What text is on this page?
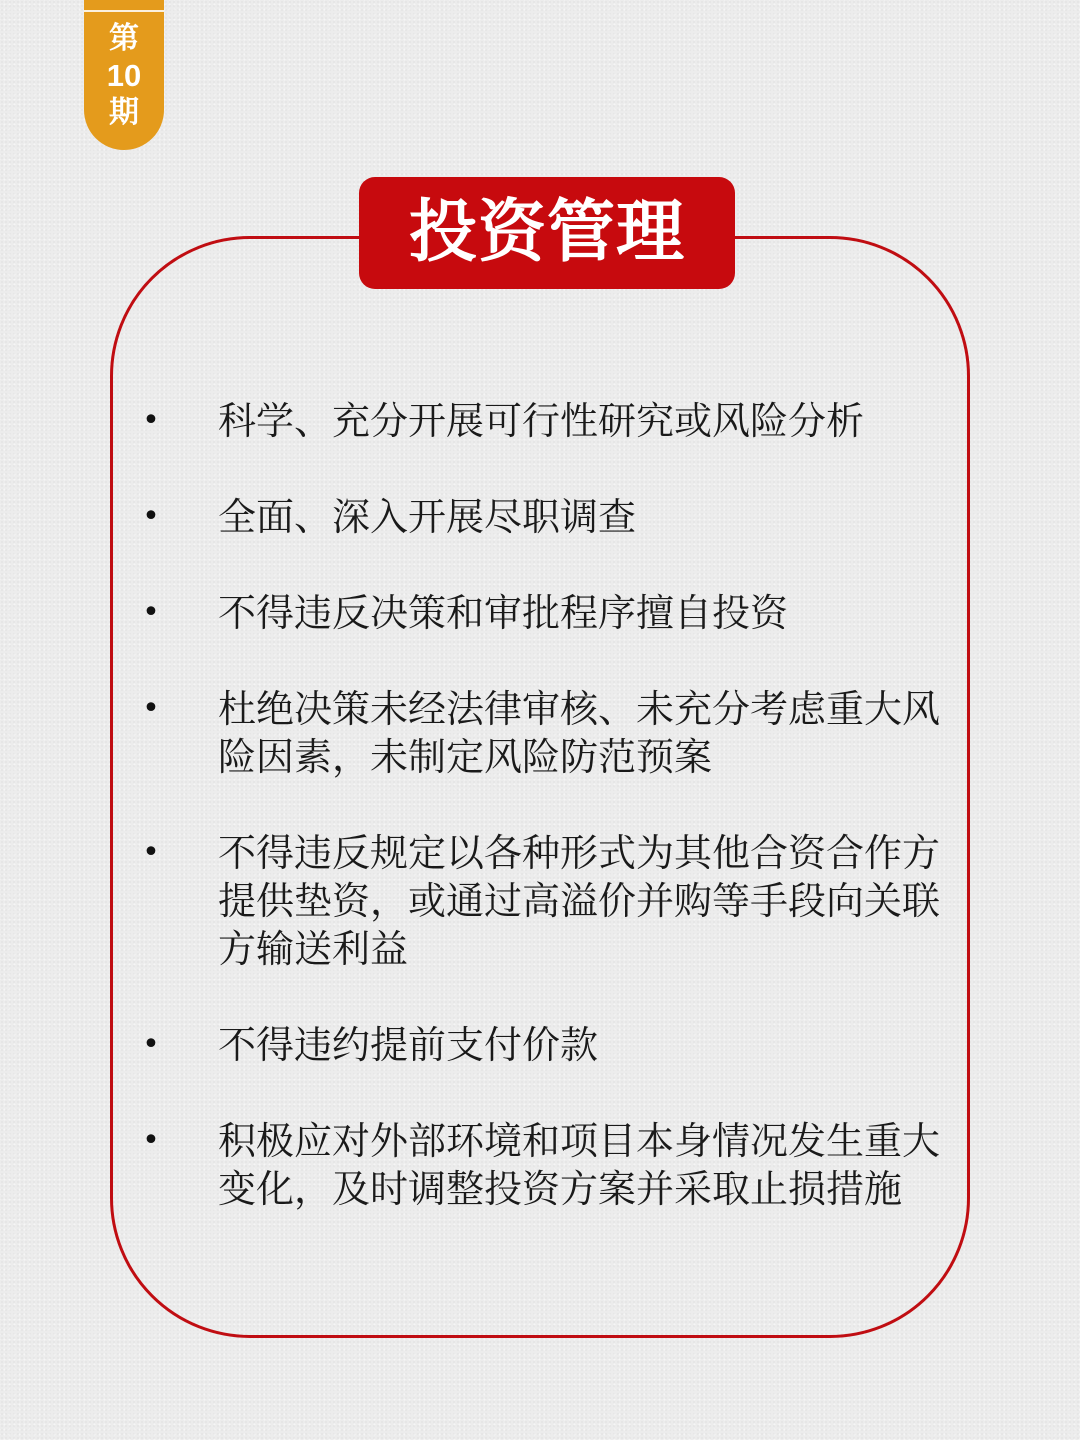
第
10
期
投资管理
• 科学、充分开展可行性研究或风险分析
• 全面、深入开展尽职调查
• 不得违反决策和审批程序擅自投资
• 杜绝决策未经法律审核、未充分考虑重大风险因素，未制定风险防范预案
• 不得违反规定以各种形式为其他合资合作方提供垫资，或通过高溢价并购等手段向关联方输送利益
• 不得违约提前支付价款
• 积极应对外部环境和项目本身情况发生重大变化，及时调整投资方案并采取止损措施
